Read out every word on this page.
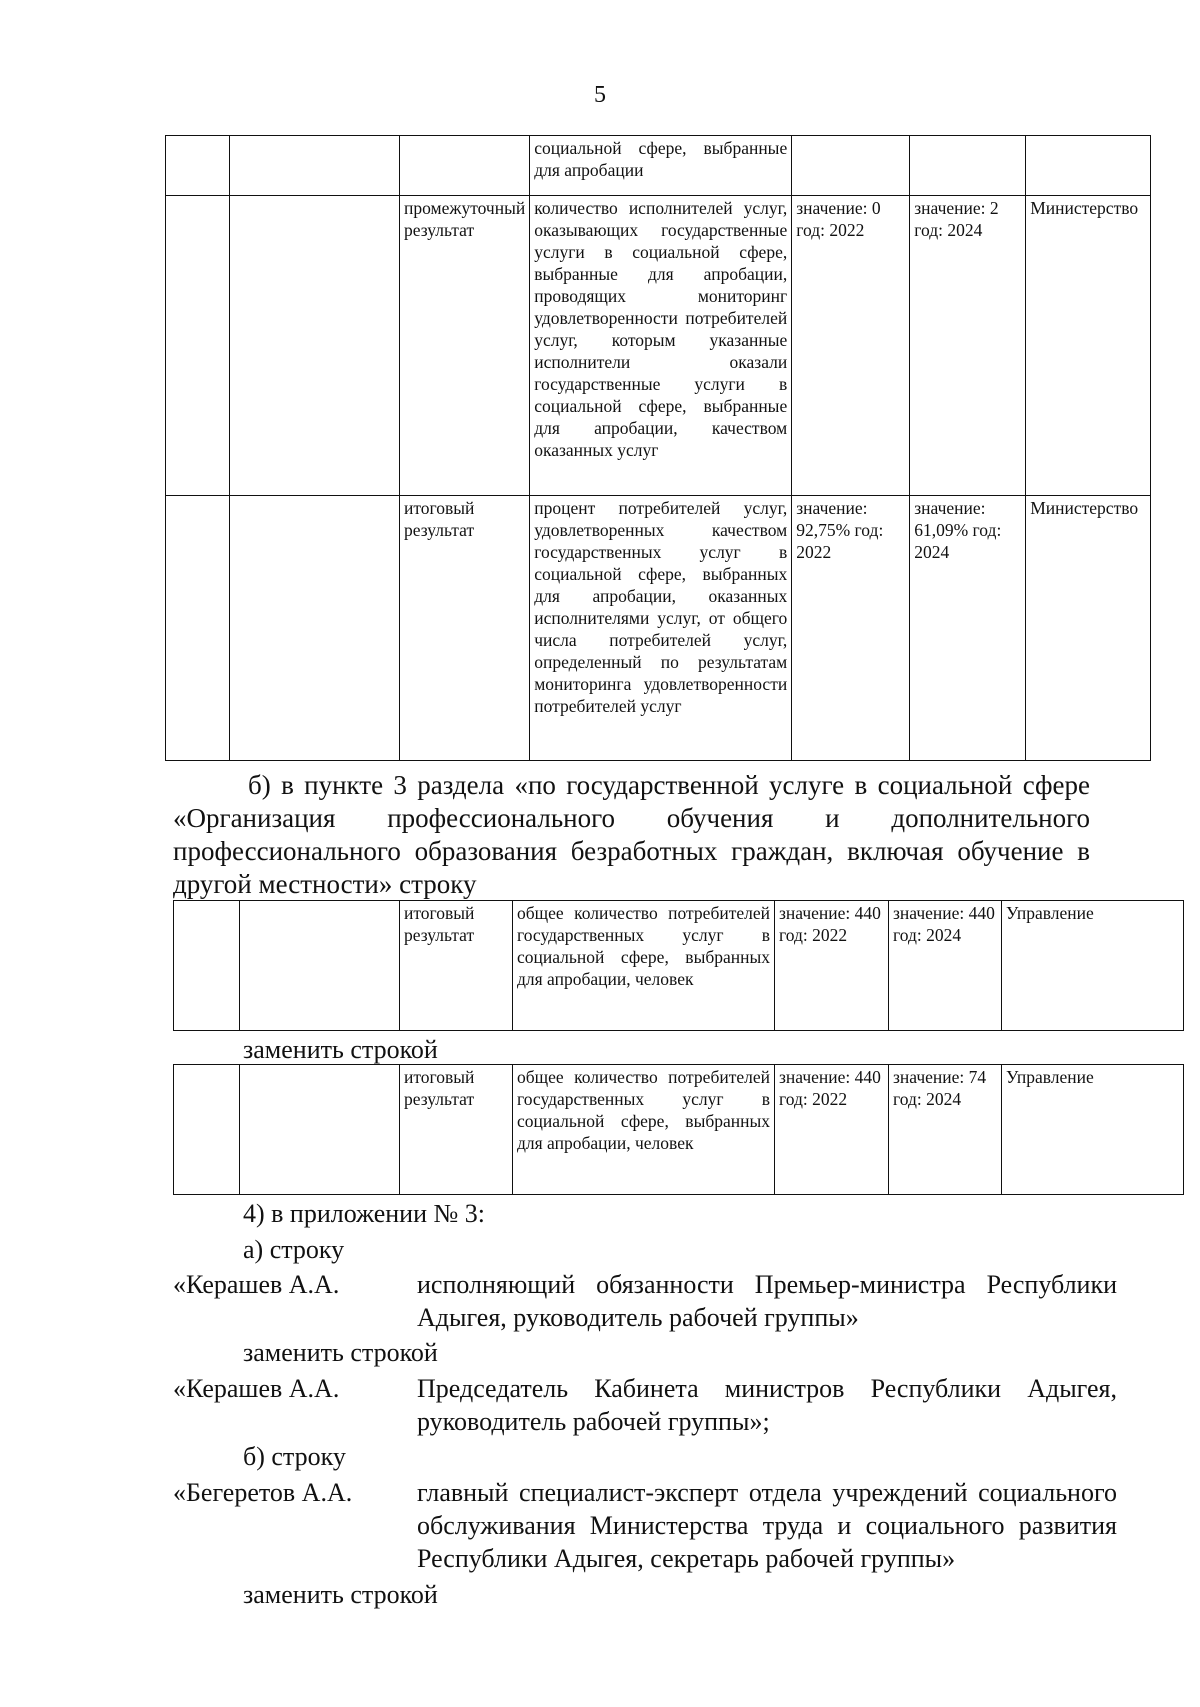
5
			социальной сфере, выбранные для апробации			
		промежуточный результат	количество исполнителей услуг, оказывающих государственные услуги в социальной сфере, выбранные для апробации, проводящих мониторинг удовлетворенности потребителей услуг, которым указанные исполнители оказали государственные услуги в социальной сфере, выбранные для апробации, качеством оказанных услуг	значение: 0 год: 2022	значение: 2 год: 2024	Министерство
		итоговый результат	процент потребителей услуг, удовлетворенных качеством государственных услуг в социальной сфере, выбранных для апробации, оказанных исполнителями услуг, от общего числа потребителей услуг, определенный по результатам мониторинга удовлетворенности потребителей услуг	значение: 92,75% год: 2022	значение: 61,09% год: 2024	Министерство
б) в пункте 3 раздела «по государственной услуге в социальной сфере «Организация профессионального обучения и дополнительного профессионального образования безработных граждан, включая обучение в другой местности» строку
		итоговый результат	общее количество потребителей государственных услуг в социальной сфере, выбранных для апробации, человек	значение: 440 год: 2022	значение: 440 год: 2024	Управление
заменить строкой
		итоговый результат	общее количество потребителей государственных услуг в социальной сфере, выбранных для апробации, человек	значение: 440 год: 2022	значение: 74 год: 2024	Управление
4) в приложении № 3:
а) строку
«Керашев А.А.	исполняющий обязанности Премьер-министра Республики Адыгея, руководитель рабочей группы»
заменить строкой
«Керашев А.А.	Председатель Кабинета министров Республики Адыгея, руководитель рабочей группы»;
б) строку
«Бегеретов А.А. главный специалист-эксперт отдела учреждений социального обслуживания Министерства труда и социального развития Республики Адыгея, секретарь рабочей группы»
заменить строкой
